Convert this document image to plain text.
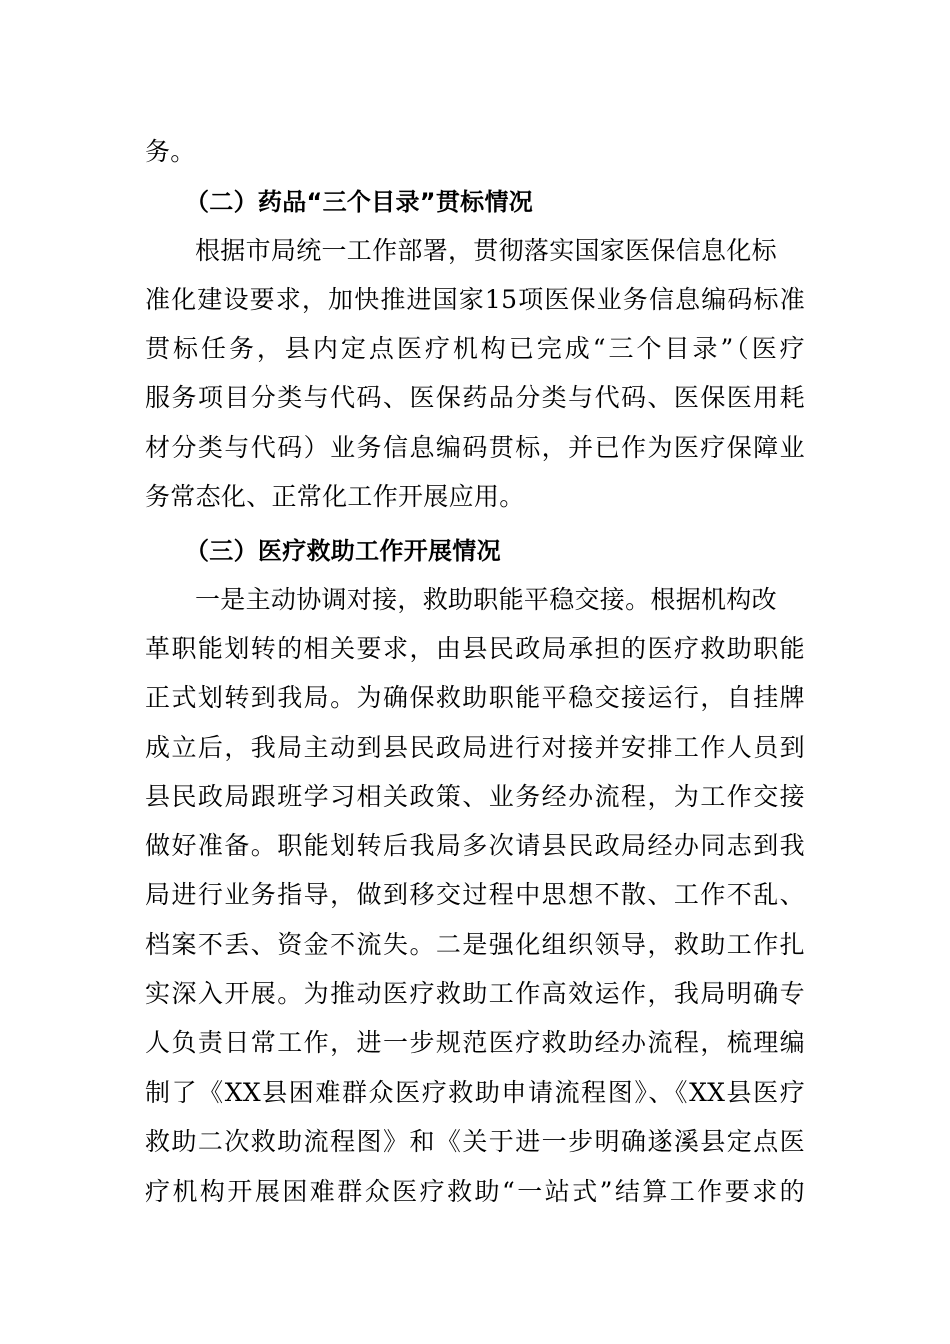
务。
（二）药品“三个目录”贯标情况
根据市局统一工作部署，贯彻落实国家医保信息化标
准化建设要求，加快推进国家15项医保业务信息编码标准
贯标任务，县内定点医疗机构已完成“三个目录”（医疗
服务项目分类与代码、医保药品分类与代码、医保医用耗
材分类与代码）业务信息编码贯标，并已作为医疗保障业
务常态化、正常化工作开展应用。
（三）医疗救助工作开展情况
一是主动协调对接，救助职能平稳交接。根据机构改
革职能划转的相关要求，由县民政局承担的医疗救助职能
正式划转到我局。为确保救助职能平稳交接运行，自挂牌
成立后，我局主动到县民政局进行对接并安排工作人员到
县民政局跟班学习相关政策、业务经办流程，为工作交接
做好准备。职能划转后我局多次请县民政局经办同志到我
局进行业务指导，做到移交过程中思想不散、工作不乱、
档案不丢、资金不流失。二是强化组织领导，救助工作扎
实深入开展。为推动医疗救助工作高效运作，我局明确专
人负责日常工作，进一步规范医疗救助经办流程，梳理编
制了《XX县困难群众医疗救助申请流程图》、《XX县医疗
救助二次救助流程图》和《关于进一步明确遂溪县定点医
疗机构开展困难群众医疗救助“一站式”结算工作要求的
